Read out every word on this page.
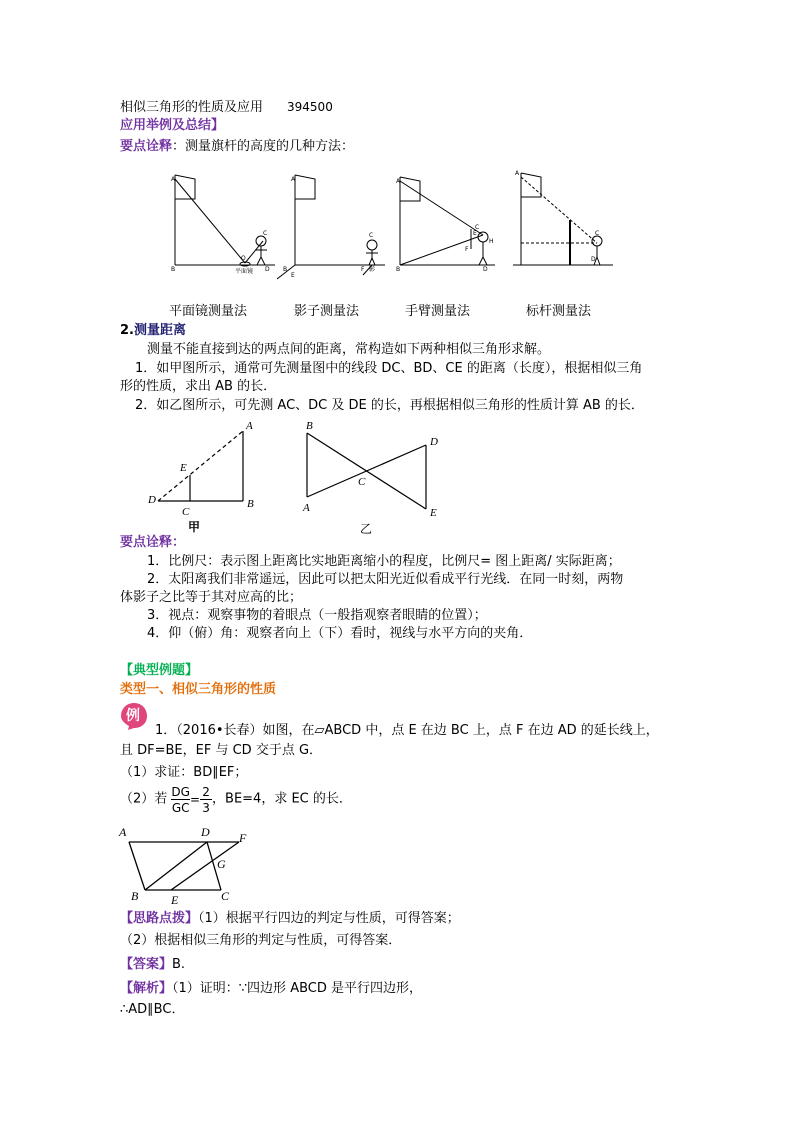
相似三角形的性质及应用 394500
应用举例及总结】
要点诠释：测量旗杆的高度的几种方法：
A
B
O
C
D
平面镜
A
B
E
C
F 影
A
B
E
C
H
F
D
A
C
D
平面镜测量法	影子测量法	手臂测量法	标杆测量法
2.测量距离
测量不能直接到达的两点间的距离，常构造如下两种相似三角形求解。
1．如甲图所示，通常可先测量图中的线段 DC、BD、CE 的距离（长度），根据相似三角
形的性质，求出 AB 的长．
2．如乙图所示，可先测 AC、DC 及 DE 的长，再根据相似三角形的性质计算 AB 的长．
A
B
D
E
C
甲
B
A
C
D
E
乙
要点诠释：
1．比例尺：表示图上距离比实地距离缩小的程度，比例尺= 图上距离/ 实际距离；
2．太阳离我们非常遥远，因此可以把太阳光近似看成平行光线．在同一时刻，两物
体影子之比等于其对应高的比；
3．视点：观察事物的着眼点（一般指观察者眼睛的位置）；
4．仰（俯）角：观察者向上（下）看时，视线与水平方向的夹角．
【典型例题】
类型一、相似三角形的性质
例
1．（2016•长春）如图，在▱ABCD 中，点 E 在边 BC 上，点 F 在边 AD 的延长线上，
且 DF=BE，EF 与 CD 交于点 G．
（1）求证：BD∥EF；
（2）若 $\frac{DG}{GC} =\frac{2}{3}$ ，BE=4，求 EC 的长．
A	D F
G
B	E	C
【思路点拨】（1）根据平行四边的判定与性质，可得答案；
（2）根据相似三角形的判定与性质，可得答案．
【答案】B.
【解析】（1）证明：∵四边形 ABCD 是平行四边形，
∴AD∥BC．
